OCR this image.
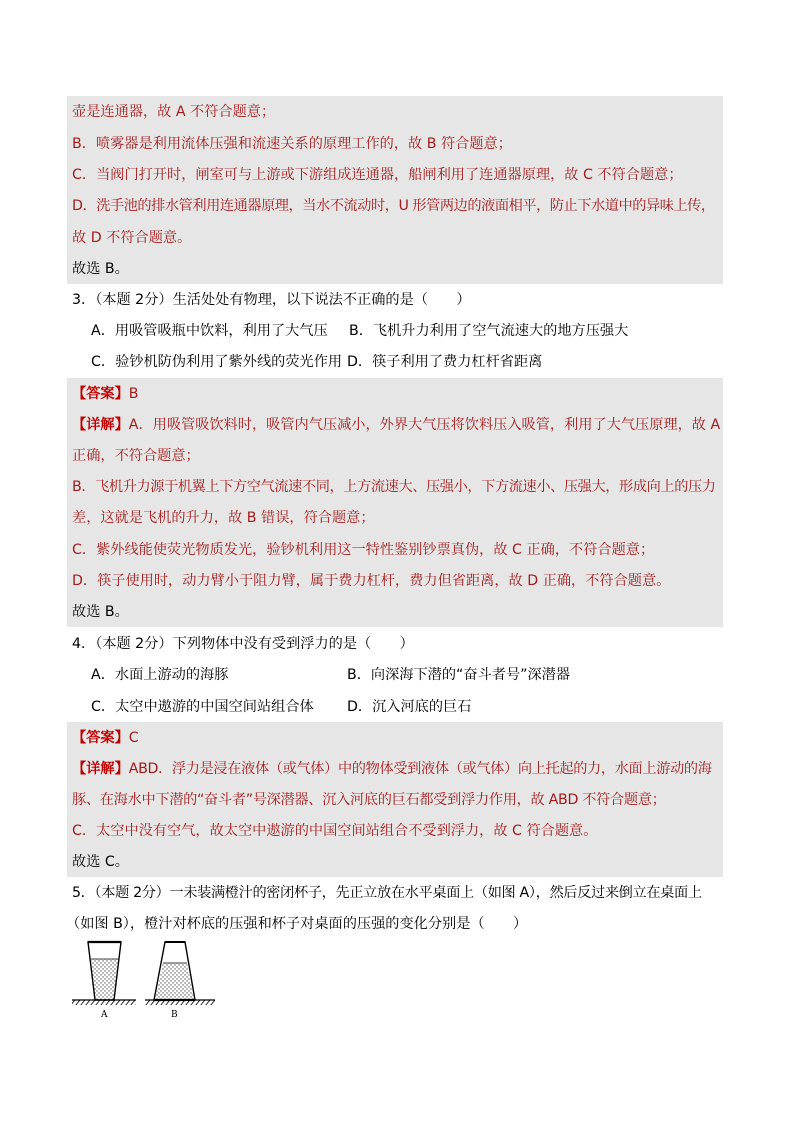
壶是连通器，故 A 不符合题意；
B．喷雾器是利用流体压强和流速关系的原理工作的，故 B 符合题意；
C．当阀门打开时，闸室可与上游或下游组成连通器，船闸利用了连通器原理，故 C 不符合题意；
D．洗手池的排水管利用连通器原理，当水不流动时，U 形管两边的液面相平，防止下水道中的异味上传，
故 D 不符合题意。
故选 B。
3．（本题 2分）生活处处有物理，以下说法不正确的是（　　）
A．用吸管吸瓶中饮料，利用了大气压 B．飞机升力利用了空气流速大的地方压强大
C．验钞机防伪利用了紫外线的荧光作用 D．筷子利用了费力杠杆省距离
【答案】B
【详解】A．用吸管吸饮料时，吸管内气压减小，外界大气压将饮料压入吸管，利用了大气压原理，故 A
正确，不符合题意；
B．飞机升力源于机翼上下方空气流速不同，上方流速大、压强小，下方流速小、压强大，形成向上的压力
差，这就是飞机的升力，故 B 错误，符合题意；
C．紫外线能使荧光物质发光，验钞机利用这一特性鉴别钞票真伪，故 C 正确，不符合题意；
D．筷子使用时，动力臂小于阻力臂，属于费力杠杆，费力但省距离，故 D 正确，不符合题意。
故选 B。
4．（本题 2分）下列物体中没有受到浮力的是（　　）
A．水面上游动的海豚	B．向深海下潜的“奋斗者号”深潜器
C．太空中遨游的中国空间站组合体 D．沉入河底的巨石
【答案】C
【详解】ABD．浮力是浸在液体（或气体）中的物体受到液体（或气体）向上托起的力，水面上游动的海
豚、在海水中下潜的“奋斗者”号深潜器、沉入河底的巨石都受到浮力作用，故 ABD 不符合题意；
C．太空中没有空气，故太空中遨游的中国空间站组合不受到浮力，故 C 符合题意。
故选 C。
5．（本题 2分）一未装满橙汁的密闭杯子，先正立放在水平桌面上（如图 A），然后反过来倒立在桌面上
（如图 B），橙汁对杯底的压强和杯子对桌面的压强的变化分别是（　　）
A	B
